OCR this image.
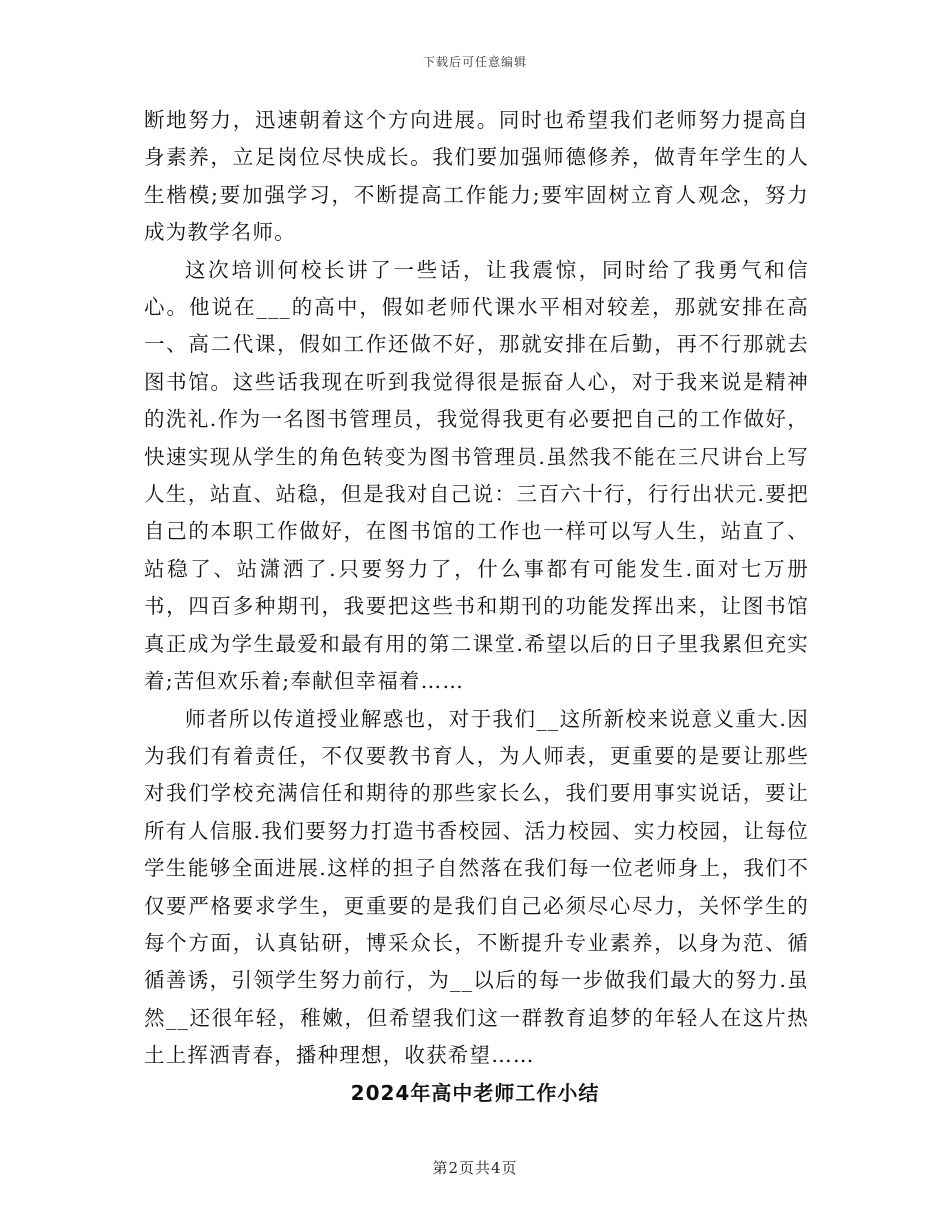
下载后可任意编辑

断地努力，迅速朝着这个方向进展。同时也希望我们老师努力提高自身素养，立足岗位尽快成长。我们要加强师德修养，做青年学生的人生楷模;要加强学习，不断提高工作能力;要牢固树立育人观念，努力成为教学名师。

这次培训何校长讲了一些话，让我震惊，同时给了我勇气和信心。他说在___的高中，假如老师代课水平相对较差，那就安排在高一、高二代课，假如工作还做不好，那就安排在后勤，再不行那就去图书馆。这些话我现在听到我觉得很是振奋人心，对于我来说是精神的洗礼.作为一名图书管理员，我觉得我更有必要把自己的工作做好，快速实现从学生的角色转变为图书管理员.虽然我不能在三尺讲台上写人生，站直、站稳，但是我对自己说：三百六十行，行行出状元.要把自己的本职工作做好，在图书馆的工作也一样可以写人生，站直了、站稳了、站潇洒了.只要努力了，什么事都有可能发生.面对七万册书，四百多种期刊，我要把这些书和期刊的功能发挥出来，让图书馆真正成为学生最爱和最有用的第二课堂.希望以后的日子里我累但充实着;苦但欢乐着;奉献但幸福着……

师者所以传道授业解惑也，对于我们__这所新校来说意义重大.因为我们有着责任，不仅要教书育人，为人师表，更重要的是要让那些对我们学校充满信任和期待的那些家长么，我们要用事实说话，要让所有人信服.我们要努力打造书香校园、活力校园、实力校园，让每位学生能够全面进展.这样的担子自然落在我们每一位老师身上，我们不仅要严格要求学生，更重要的是我们自己必须尽心尽力，关怀学生的每个方面，认真钻研，博采众长，不断提升专业素养，以身为范、循循善诱，引领学生努力前行，为__以后的每一步做我们最大的努力.虽然__还很年轻，稚嫩，但希望我们这一群教育追梦的年轻人在这片热土上挥洒青春，播种理想，收获希望……

2024年高中老师工作小结
第2页共4页
